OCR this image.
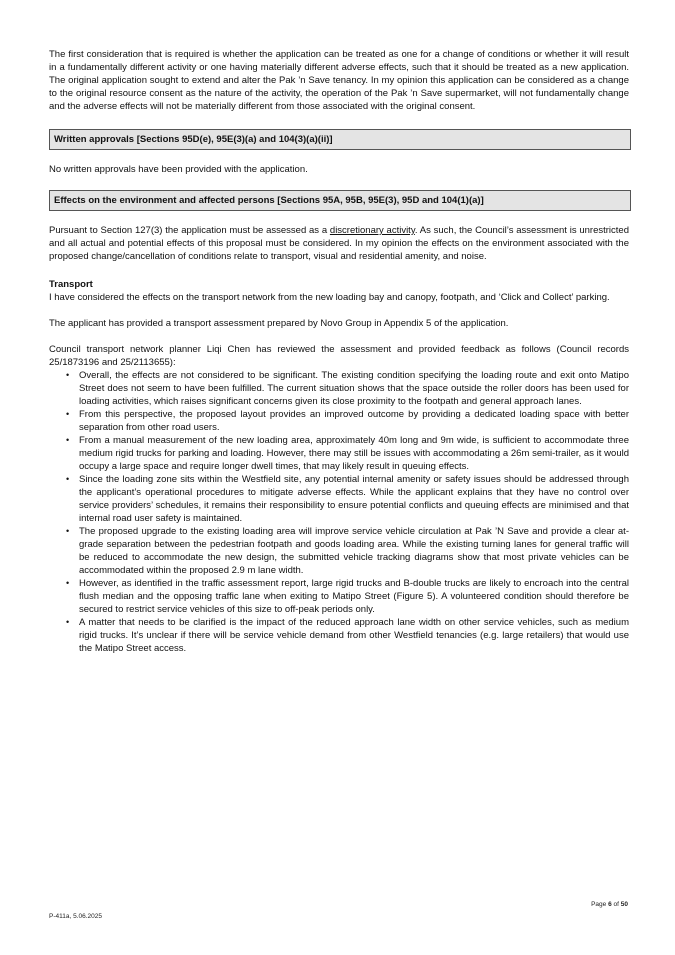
The first consideration that is required is whether the application can be treated as one for a change of conditions or whether it will result in a fundamentally different activity or one having materially different adverse effects, such that it should be treated as a new application. The original application sought to extend and alter the Pak ’n Save tenancy. In my opinion this application can be considered as a change to the original resource consent as the nature of the activity, the operation of the Pak ’n Save supermarket, will not fundamentally change and the adverse effects will not be materially different from those associated with the original consent.

Written approvals [Sections 95D(e), 95E(3)(a) and 104(3)(a)(ii)]

No written approvals have been provided with the application.

Effects on the environment and affected persons [Sections 95A, 95B, 95E(3), 95D and 104(1)(a)]

Pursuant to Section 127(3) the application must be assessed as a discretionary activity. As such, the Council’s assessment is unrestricted and all actual and potential effects of this proposal must be considered. In my opinion the effects on the environment associated with the proposed change/cancellation of conditions relate to transport, visual and residential amenity, and noise.

Transport

I have considered the effects on the transport network from the new loading bay and canopy, footpath, and ‘Click and Collect’ parking.

The applicant has provided a transport assessment prepared by Novo Group in Appendix 5 of the application.

Council transport network planner Liqi Chen has reviewed the assessment and provided feedback as follows (Council records 25/1873196 and 25/2113655):

• Overall, the effects are not considered to be significant. The existing condition specifying the loading route and exit onto Matipo Street does not seem to have been fulfilled. The current situation shows that the space outside the roller doors has been used for loading activities, which raises significant concerns given its close proximity to the footpath and general approach lanes.
• From this perspective, the proposed layout provides an improved outcome by providing a dedicated loading space with better separation from other road users.
• From a manual measurement of the new loading area, approximately 40m long and 9m wide, is sufficient to accommodate three medium rigid trucks for parking and loading. However, there may still be issues with accommodating a 26m semi-trailer, as it would occupy a large space and require longer dwell times, that may likely result in queuing effects.
• Since the loading zone sits within the Westfield site, any potential internal amenity or safety issues should be addressed through the applicant’s operational procedures to mitigate adverse effects. While the applicant explains that they have no control over service providers’ schedules, it remains their responsibility to ensure potential conflicts and queuing effects are minimised and that internal road user safety is maintained.
• The proposed upgrade to the existing loading area will improve service vehicle circulation at Pak ’N Save and provide a clear at-grade separation between the pedestrian footpath and goods loading area. While the existing turning lanes for general traffic will be reduced to accommodate the new design, the submitted vehicle tracking diagrams show that most private vehicles can be accommodated within the proposed 2.9 m lane width.
• However, as identified in the traffic assessment report, large rigid trucks and B-double trucks are likely to encroach into the central flush median and the opposing traffic lane when exiting to Matipo Street (Figure 5). A volunteered condition should therefore be secured to restrict service vehicles of this size to off-peak periods only.
• A matter that needs to be clarified is the impact of the reduced approach lane width on other service vehicles, such as medium rigid trucks. It’s unclear if there will be service vehicle demand from other Westfield tenancies (e.g. large retailers) that would use the Matipo Street access.
Page 6 of 50
P-411a, 5.06.2025
